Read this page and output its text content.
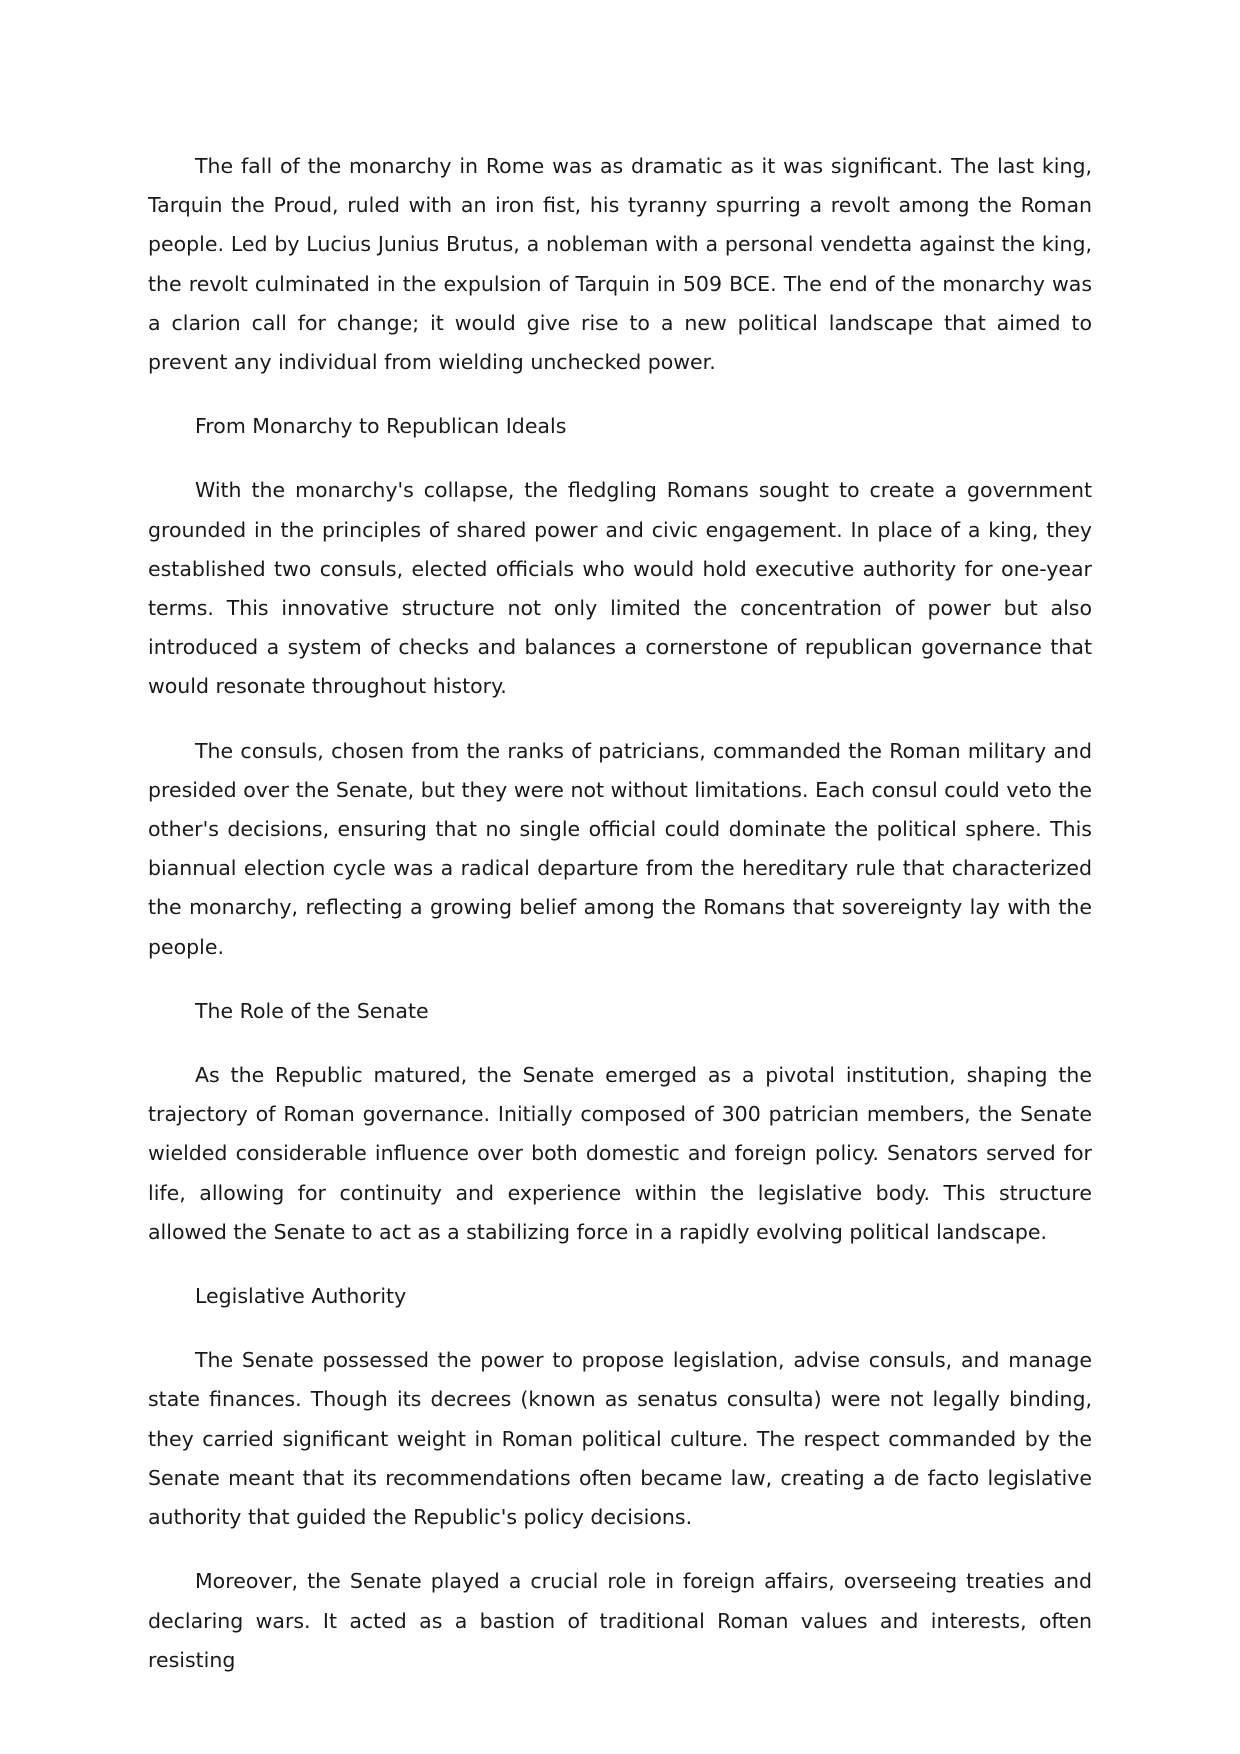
The fall of the monarchy in Rome was as dramatic as it was significant. The last king, Tarquin the Proud, ruled with an iron fist, his tyranny spurring a revolt among the Roman people. Led by Lucius Junius Brutus, a nobleman with a personal vendetta against the king, the revolt culminated in the expulsion of Tarquin in 509 BCE. The end of the monarchy was a clarion call for change; it would give rise to a new political landscape that aimed to prevent any individual from wielding unchecked power.

From Monarchy to Republican Ideals

With the monarchy's collapse, the fledgling Romans sought to create a government grounded in the principles of shared power and civic engagement. In place of a king, they established two consuls, elected officials who would hold executive authority for one-year terms. This innovative structure not only limited the concentration of power but also introduced a system of checks and balances a cornerstone of republican governance that would resonate throughout history.

The consuls, chosen from the ranks of patricians, commanded the Roman military and presided over the Senate, but they were not without limitations. Each consul could veto the other's decisions, ensuring that no single official could dominate the political sphere. This biannual election cycle was a radical departure from the hereditary rule that characterized the monarchy, reflecting a growing belief among the Romans that sovereignty lay with the people.

The Role of the Senate

As the Republic matured, the Senate emerged as a pivotal institution, shaping the trajectory of Roman governance. Initially composed of 300 patrician members, the Senate wielded considerable influence over both domestic and foreign policy. Senators served for life, allowing for continuity and experience within the legislative body. This structure allowed the Senate to act as a stabilizing force in a rapidly evolving political landscape.

Legislative Authority

The Senate possessed the power to propose legislation, advise consuls, and manage state finances. Though its decrees (known as senatus consulta) were not legally binding, they carried significant weight in Roman political culture. The respect commanded by the Senate meant that its recommendations often became law, creating a de facto legislative authority that guided the Republic's policy decisions.

Moreover, the Senate played a crucial role in foreign affairs, overseeing treaties and declaring wars. It acted as a bastion of traditional Roman values and interests, often resisting
